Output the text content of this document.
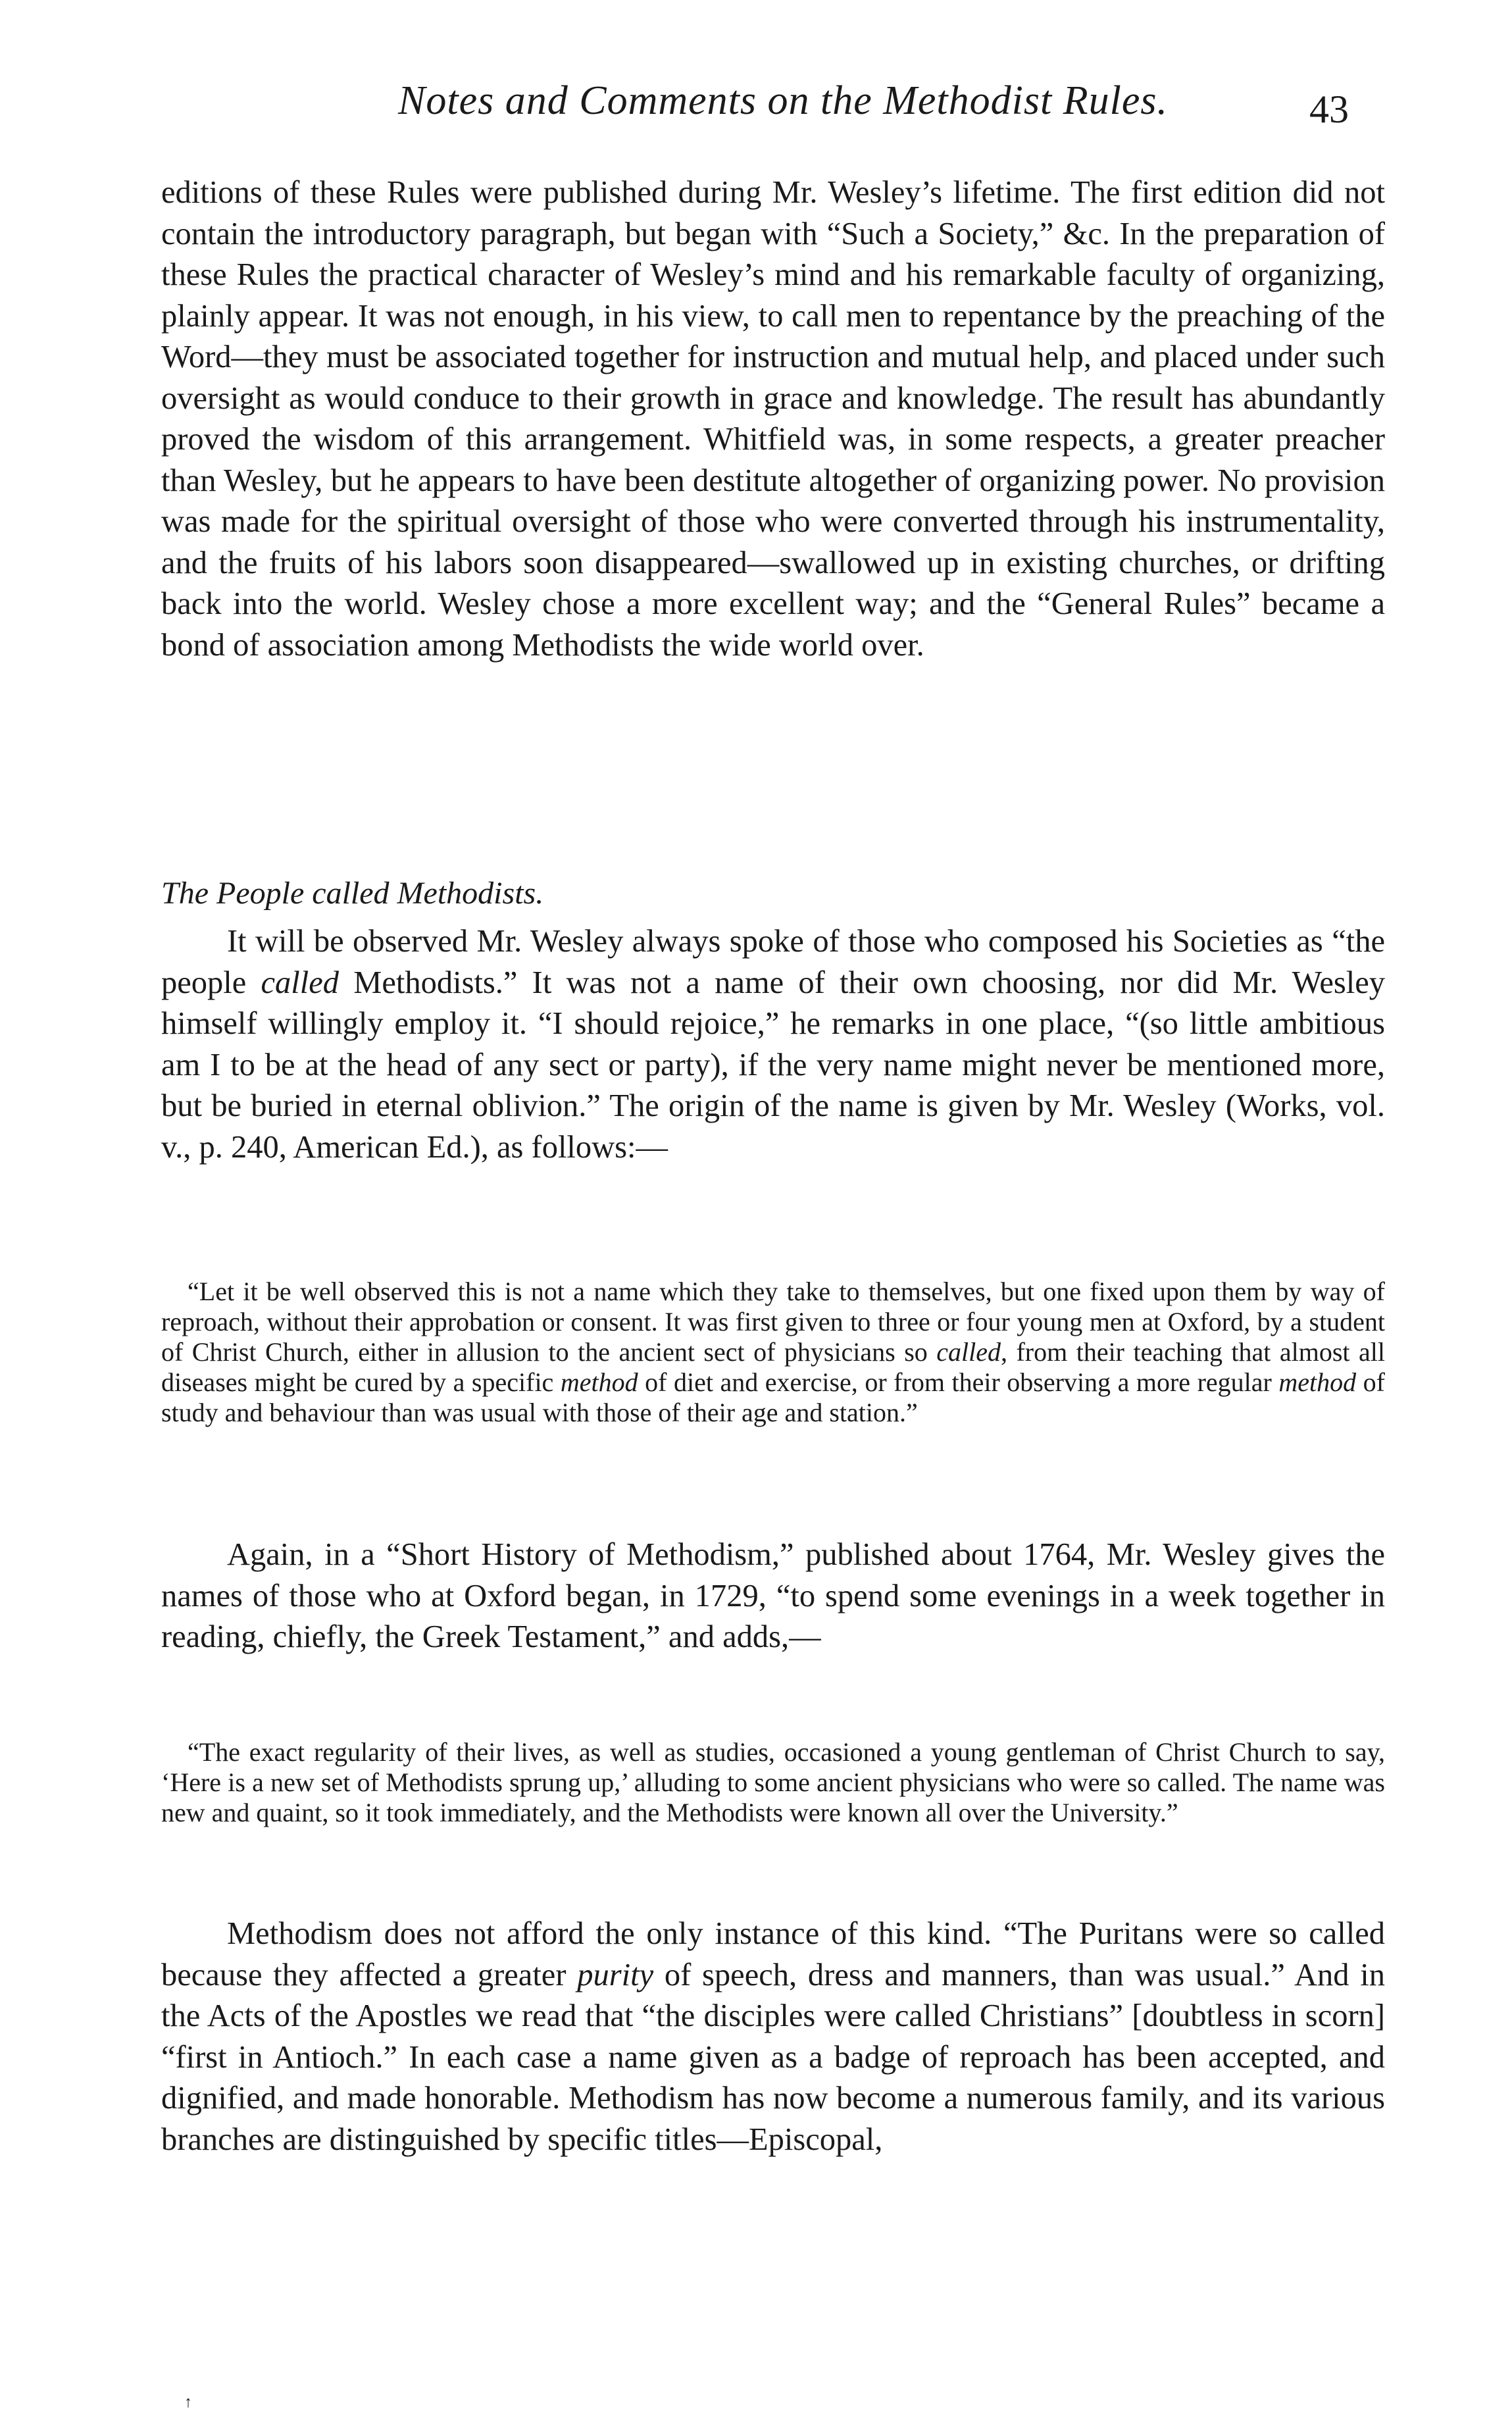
Notes and Comments on the Methodist Rules.	43

editions of these Rules were published during Mr. Wesley’s lifetime. The first edition did not contain the introductory paragraph, but began with “Such a Society,” &c. In the preparation of these Rules the practical character of Wesley’s mind and his remarkable faculty of organizing, plainly appear. It was not enough, in his view, to call men to repentance by the preaching of the Word—they must be associated together for instruction and mutual help, and placed under such oversight as would conduce to their growth in grace and knowledge. The result has abundantly proved the wisdom of this arrangement. Whitfield was, in some respects, a greater preacher than Wesley, but he appears to have been destitute altogether of organizing power. No provision was made for the spiritual oversight of those who were converted through his instrumentality, and the fruits of his labors soon disappeared—swallowed up in existing churches, or drifting back into the world. Wesley chose a more excellent way; and the “General Rules” became a bond of association among Methodists the wide world over.

The People called Methodists.

It will be observed Mr. Wesley always spoke of those who composed his Societies as “the people called Methodists.” It was not a name of their own choosing, nor did Mr. Wesley himself willingly employ it. “I should rejoice,” he remarks in one place, “(so little ambitious am I to be at the head of any sect or party), if the very name might never be mentioned more, but be buried in eternal oblivion.” The origin of the name is given by Mr. Wesley (Works, vol. v., p. 240, American Ed.), as follows:—

“Let it be well observed this is not a name which they take to themselves, but one fixed upon them by way of reproach, without their approbation or consent. It was first given to three or four young men at Oxford, by a student of Christ Church, either in allusion to the ancient sect of physicians so called, from their teaching that almost all diseases might be cured by a specific method of diet and exercise, or from their observing a more regular method of study and behaviour than was usual with those of their age and station.”

Again, in a “Short History of Methodism,” published about 1764, Mr. Wesley gives the names of those who at Oxford began, in 1729, “to spend some evenings in a week together in reading, chiefly, the Greek Testament,” and adds,—

“The exact regularity of their lives, as well as studies, occasioned a young gentleman of Christ Church to say, ‘Here is a new set of Methodists sprung up,’ alluding to some ancient physicians who were so called. The name was new and quaint, so it took immediately, and the Methodists were known all over the University.”

Methodism does not afford the only instance of this kind. “The Puritans were so called because they affected a greater purity of speech, dress and manners, than was usual.” And in the Acts of the Apostles we read that “the disciples were called Christians” [doubtless in scorn] “first in Antioch.” In each case a name given as a badge of reproach has been accepted, and dignified, and made honorable. Methodism has now become a numerous family, and its various branches are distinguished by specific titles—Episcopal,

↑
